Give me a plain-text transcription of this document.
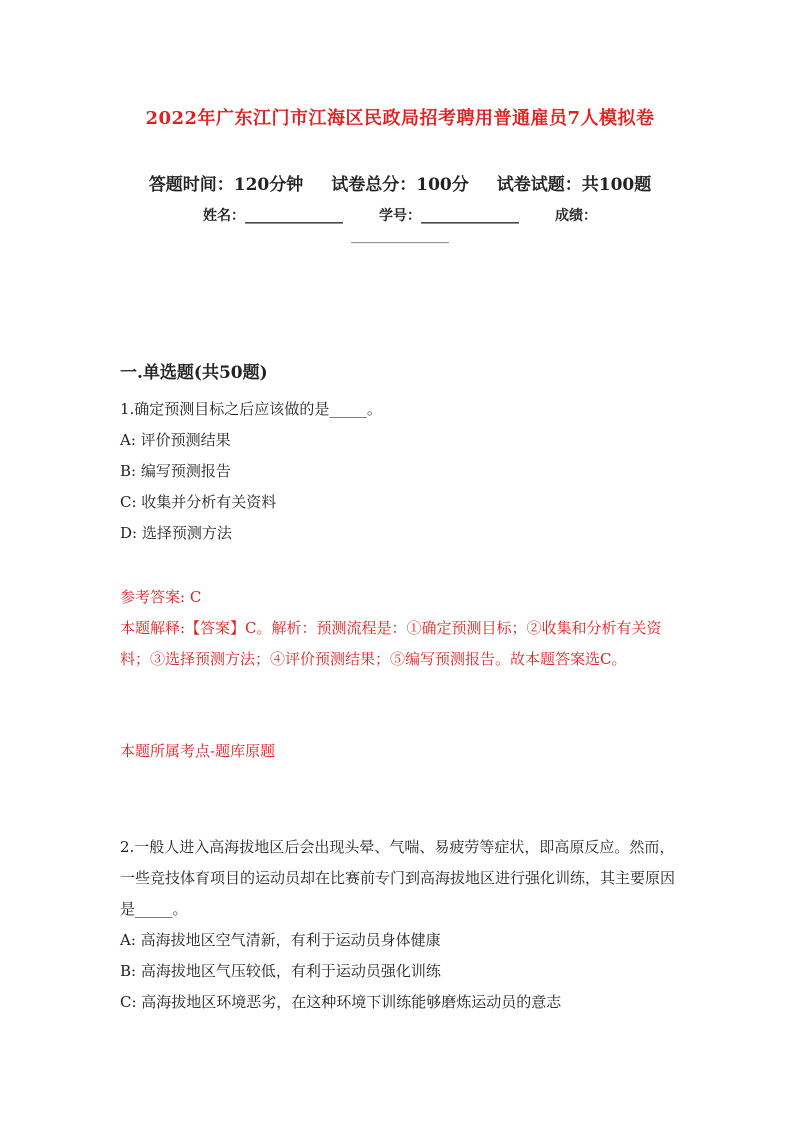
2022年广东江门市江海区民政局招考聘用普通雇员7人模拟卷
答题时间：120分钟 试卷总分：100分 试卷试题：共100题
姓名：______________	学号：______________	成绩：
______________
一.单选题(共50题)
1.确定预测目标之后应该做的是_____。
A: 评价预测结果
B: 编写预测报告
C: 收集并分析有关资料
D: 选择预测方法
参考答案: C
本题解释:【答案】C。解析：预测流程是：①确定预测目标；②收集和分析有关资料；③选择预测方法；④评价预测结果；⑤编写预测报告。故本题答案选C。
本题所属考点-题库原题
2.一般人进入高海拔地区后会出现头晕、气喘、易疲劳等症状，即高原反应。然而，一些竞技体育项目的运动员却在比赛前专门到高海拔地区进行强化训练，其主要原因是_____。
A: 高海拔地区空气清新，有利于运动员身体健康
B: 高海拔地区气压较低，有利于运动员强化训练
C: 高海拔地区环境恶劣，在这种环境下训练能够磨炼运动员的意志
